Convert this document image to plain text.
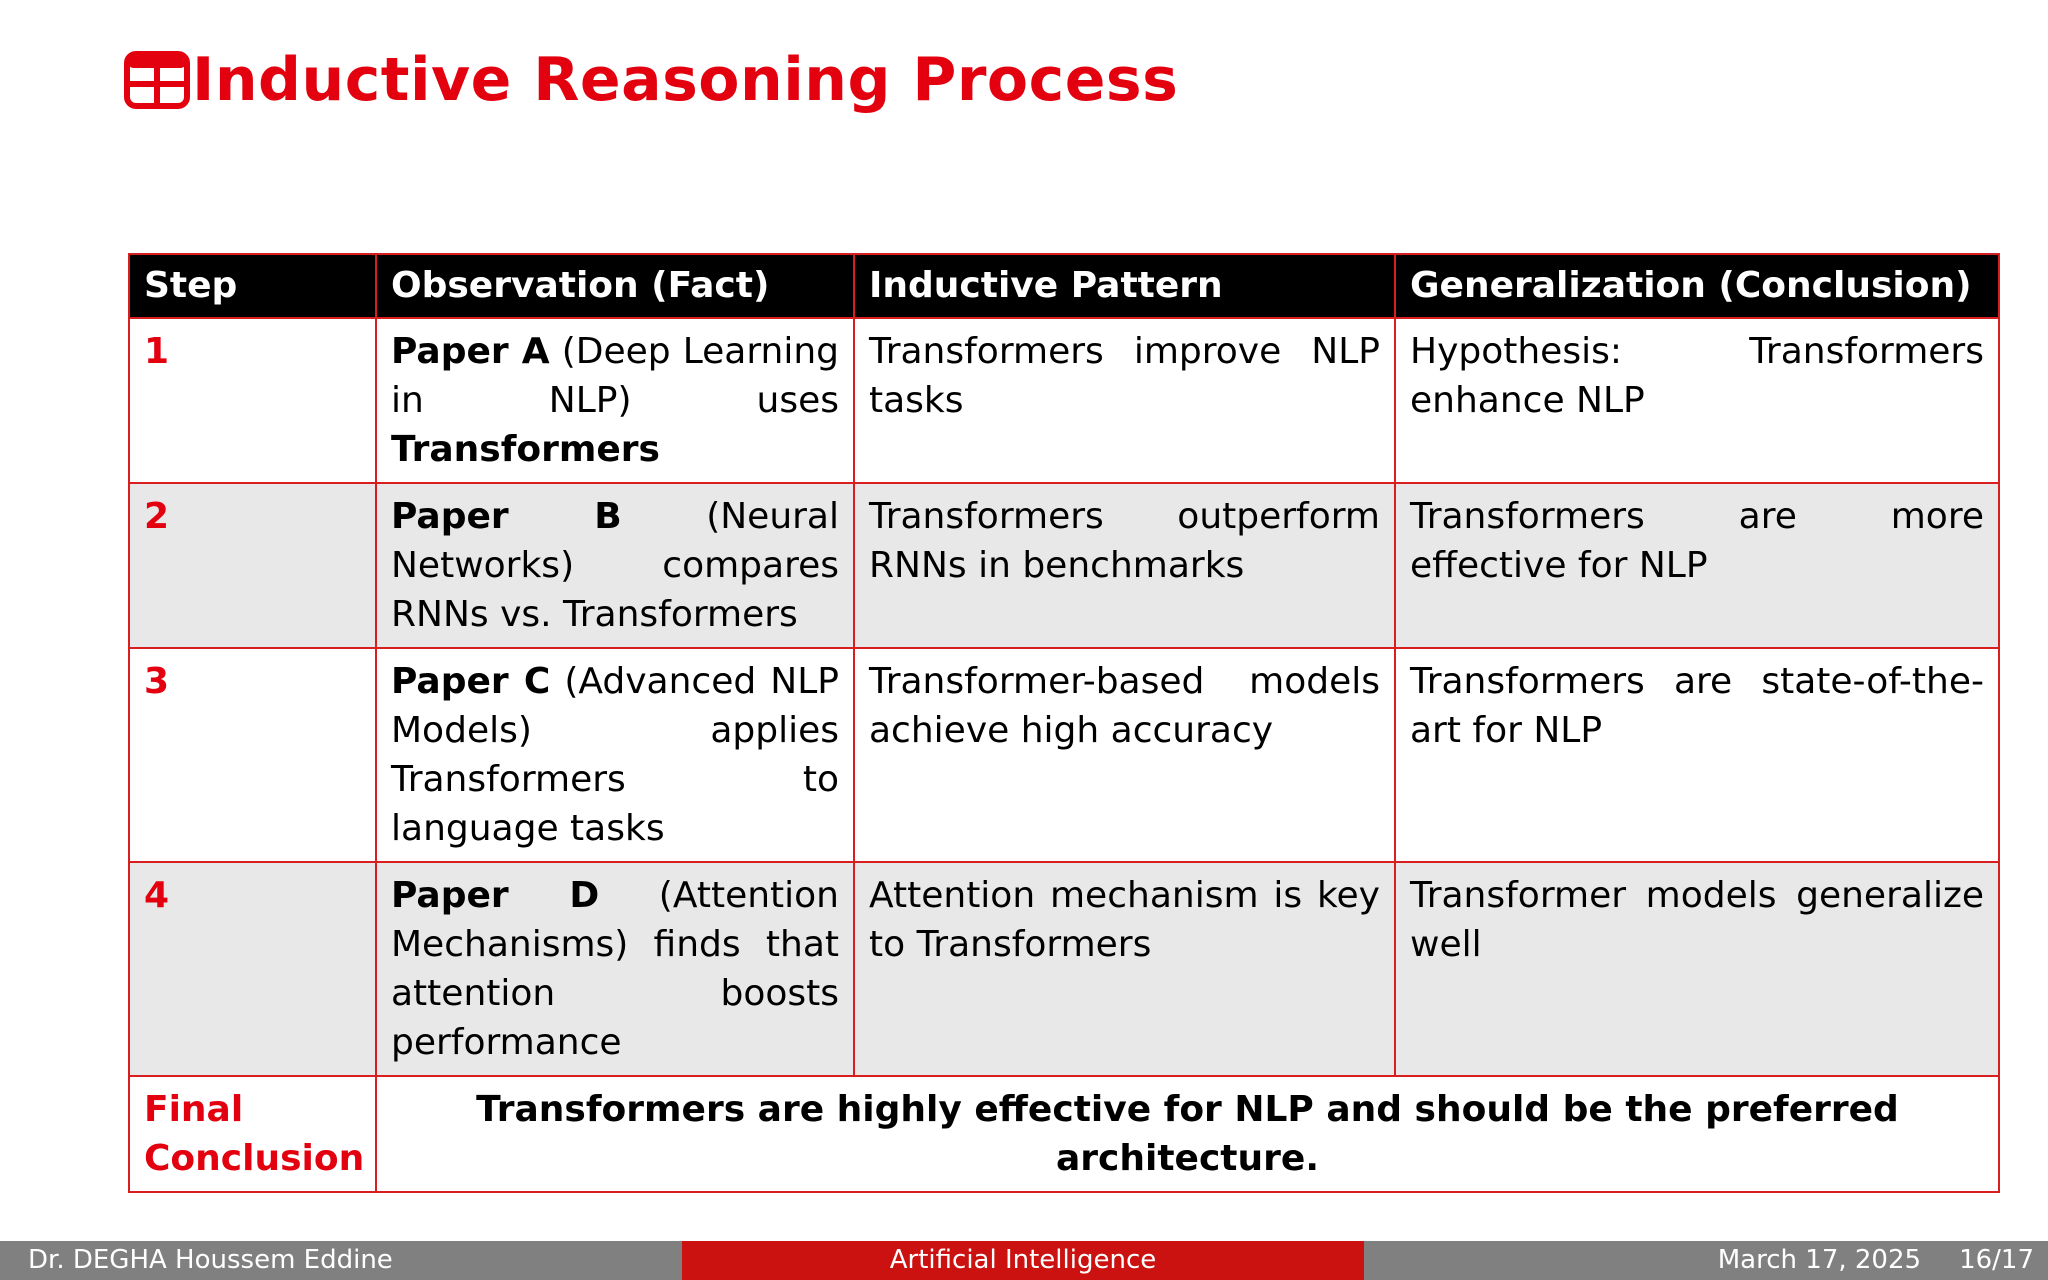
Inductive Reasoning Process
Step	Observation (Fact)	Inductive Pattern	Generalization (Conclusion)
1	Paper A (Deep Learning in NLP) uses Transformers	Transformers improve NLP tasks	Hypothesis: Transformers enhance NLP
2	Paper B (Neural Networks) compares RNNs vs. Transformers	Transformers outperform RNNs in benchmarks	Transformers are more effective for NLP
3	Paper C (Advanced NLP Models) applies Transformers to language tasks	Transformer-based models achieve high accuracy	Transformers are state-of-the-art for NLP
4	Paper D (Attention Mechanisms) finds that attention boosts performance	Attention mechanism is key to Transformers	Transformer models generalize well
Final Conclusion	Transformers are highly effective for NLP and should be the preferred architecture.		
Dr. DEGHA Houssem Eddine	Artificial Intelligence	March 17, 2025 16/17
